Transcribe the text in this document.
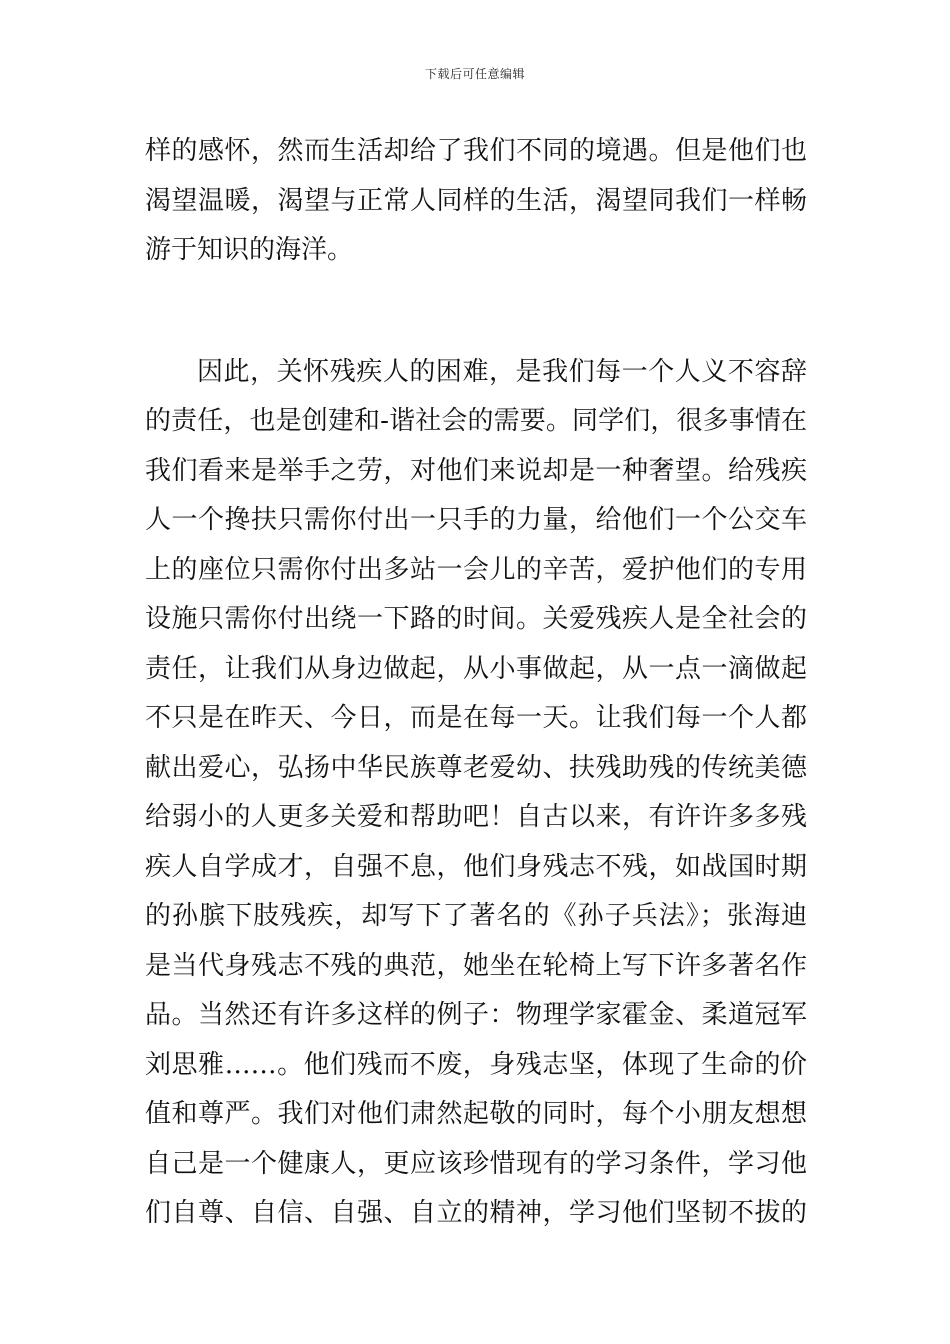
下载后可任意编辑
样的感怀，然而生活却给了我们不同的境遇。但是他们也
渴望温暖，渴望与正常人同样的生活，渴望同我们一样畅
游于知识的海洋。
因此，关怀残疾人的困难，是我们每一个人义不容辞
的责任，也是创建和-谐社会的需要。同学们，很多事情在
我们看来是举手之劳，对他们来说却是一种奢望。给残疾
人一个搀扶只需你付出一只手的力量，给他们一个公交车
上的座位只需你付出多站一会儿的辛苦，爱护他们的专用
设施只需你付出绕一下路的时间。关爱残疾人是全社会的
责任，让我们从身边做起，从小事做起，从一点一滴做起
不只是在昨天、今日，而是在每一天。让我们每一个人都
献出爱心，弘扬中华民族尊老爱幼、扶残助残的传统美德
给弱小的人更多关爱和帮助吧！自古以来，有许许多多残
疾人自学成才，自强不息，他们身残志不残，如战国时期
的孙膑下肢残疾，却写下了著名的《孙子兵法》；张海迪
是当代身残志不残的典范，她坐在轮椅上写下许多著名作
品。当然还有许多这样的例子：物理学家霍金、柔道冠军
刘思雅……。他们残而不废，身残志坚，体现了生命的价
值和尊严。我们对他们肃然起敬的同时，每个小朋友想想
自己是一个健康人，更应该珍惜现有的学习条件，学习他
们自尊、自信、自强、自立的精神，学习他们坚韧不拔的
